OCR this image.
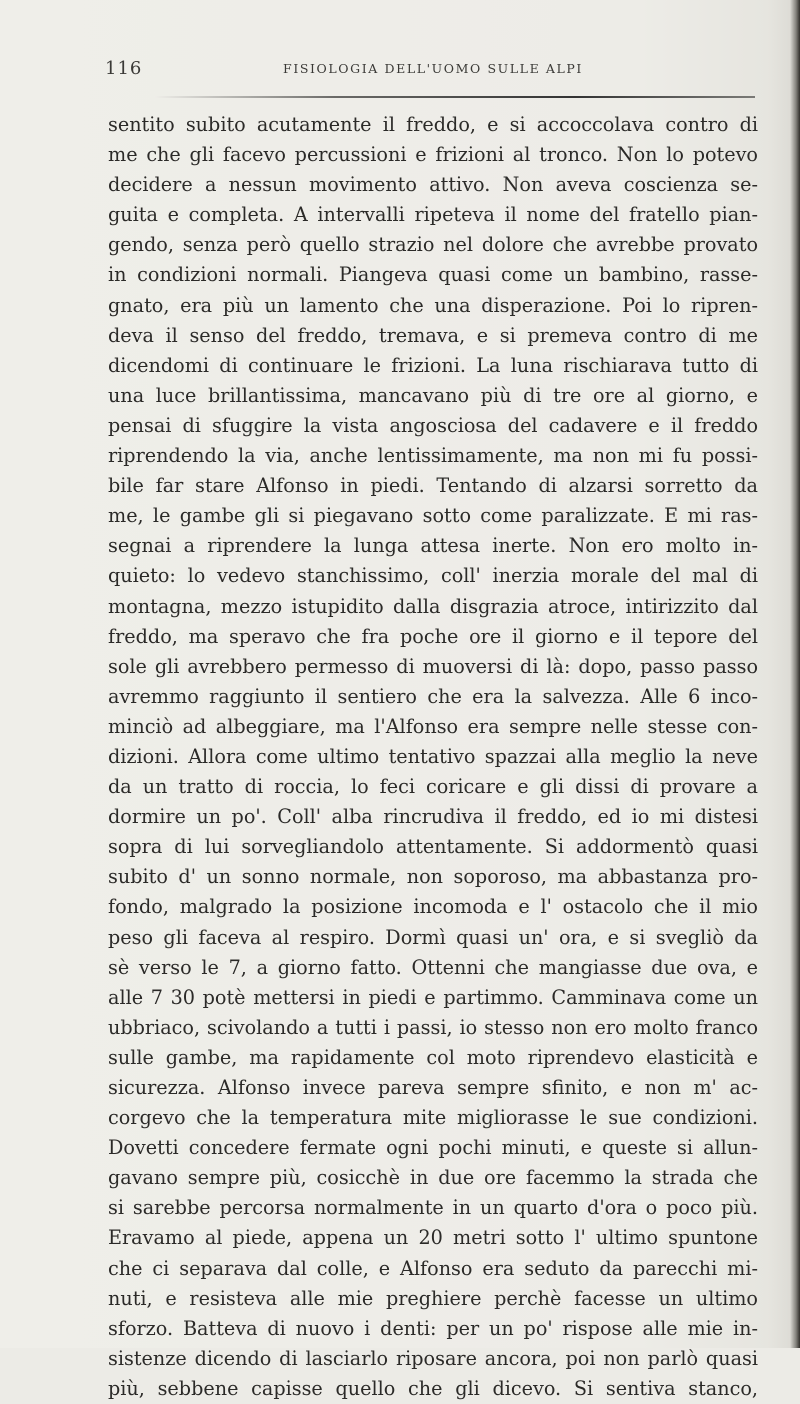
116	FISIOLOGIA DELL'UOMO SULLE ALPI
sentito subito acutamente il freddo, e si accoccolava contro di
me che gli facevo percussioni e frizioni al tronco. Non lo potevo
decidere a nessun movimento attivo. Non aveva coscienza se-
guita e completa. A intervalli ripeteva il nome del fratello pian-
gendo, senza però quello strazio nel dolore che avrebbe provato
in condizioni normali. Piangeva quasi come un bambino, rasse-
gnato, era più un lamento che una disperazione. Poi lo ripren-
deva il senso del freddo, tremava, e si premeva contro di me
dicendomi di continuare le frizioni. La luna rischiarava tutto di
una luce brillantissima, mancavano più di tre ore al giorno, e
pensai di sfuggire la vista angosciosa del cadavere e il freddo
riprendendo la via, anche lentissimamente, ma non mi fu possi-
bile far stare Alfonso in piedi. Tentando di alzarsi sorretto da
me, le gambe gli si piegavano sotto come paralizzate. E mi ras-
segnai a riprendere la lunga attesa inerte. Non ero molto in-
quieto: lo vedevo stanchissimo, coll' inerzia morale del mal di
montagna, mezzo istupidito dalla disgrazia atroce, intirizzito dal
freddo, ma speravo che fra poche ore il giorno e il tepore del
sole gli avrebbero permesso di muoversi di là: dopo, passo passo
avremmo raggiunto il sentiero che era la salvezza. Alle 6 inco-
minciò ad albeggiare, ma l'Alfonso era sempre nelle stesse con-
dizioni. Allora come ultimo tentativo spazzai alla meglio la neve
da un tratto di roccia, lo feci coricare e gli dissi di provare a
dormire un po'. Coll' alba rincrudiva il freddo, ed io mi distesi
sopra di lui sorvegliandolo attentamente. Si addormentò quasi
subito d' un sonno normale, non soporoso, ma abbastanza pro-
fondo, malgrado la posizione incomoda e l' ostacolo che il mio
peso gli faceva al respiro. Dormì quasi un' ora, e si svegliò da
sè verso le 7, a giorno fatto. Ottenni che mangiasse due ova, e
alle 7 30 potè mettersi in piedi e partimmo. Camminava come un
ubbriaco, scivolando a tutti i passi, io stesso non ero molto franco
sulle gambe, ma rapidamente col moto riprendevo elasticità e
sicurezza. Alfonso invece pareva sempre sfinito, e non m' ac-
corgevo che la temperatura mite migliorasse le sue condizioni.
Dovetti concedere fermate ogni pochi minuti, e queste si allun-
gavano sempre più, cosicchè in due ore facemmo la strada che
si sarebbe percorsa normalmente in un quarto d'ora o poco più.
Eravamo al piede, appena un 20 metri sotto l' ultimo spuntone
che ci separava dal colle, e Alfonso era seduto da parecchi mi-
nuti, e resisteva alle mie preghiere perchè facesse un ultimo
sforzo. Batteva di nuovo i denti: per un po' rispose alle mie in-
sistenze dicendo di lasciarlo riposare ancora, poi non parlò quasi
più, sebbene capisse quello che gli dicevo. Si sentiva stanco,
